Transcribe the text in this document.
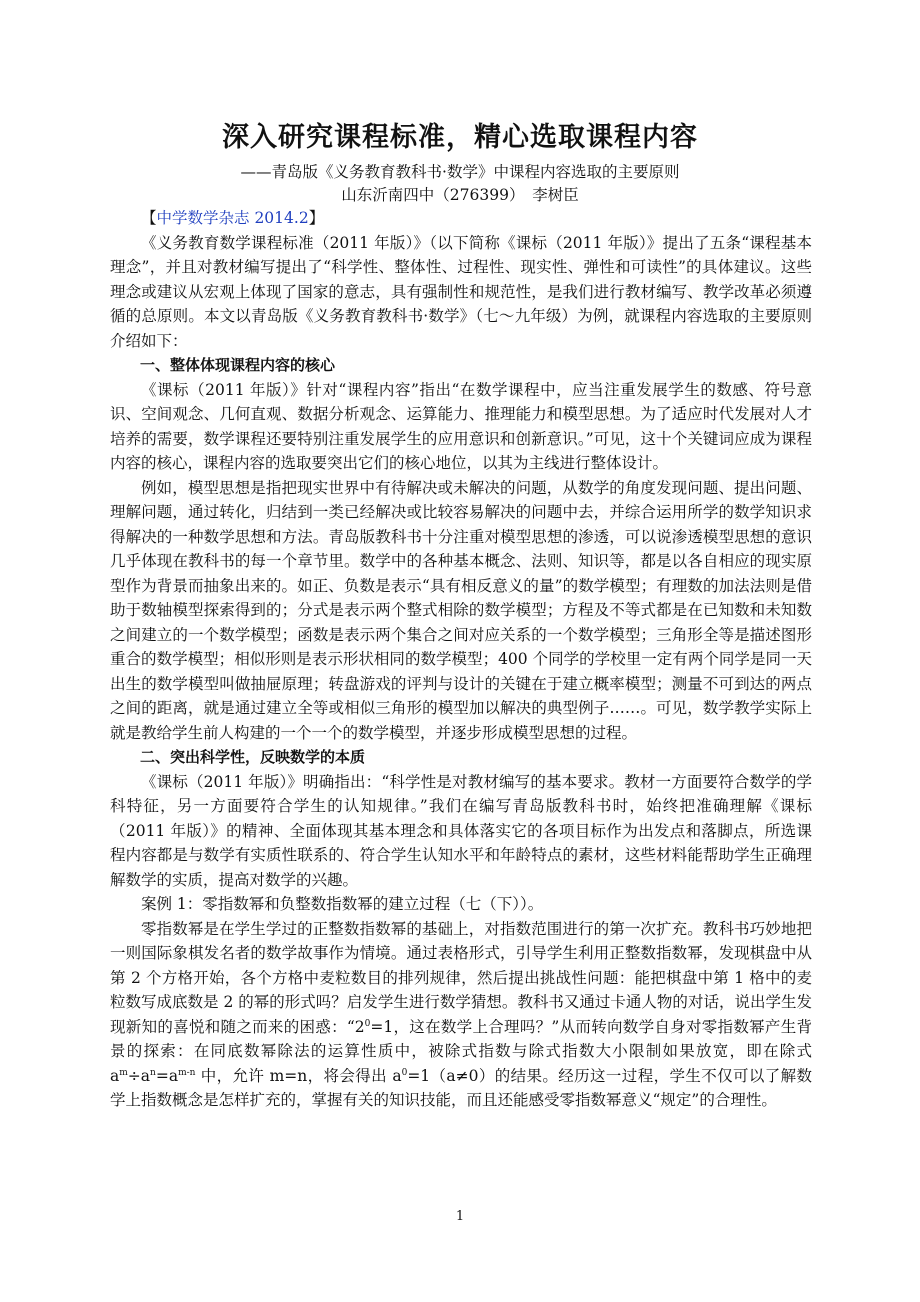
深入研究课程标准，精心选取课程内容
——青岛版《义务教育教科书·数学》中课程内容选取的主要原则
山东沂南四中（276399）　李树臣

【中学数学杂志 2014.2】

《义务教育数学课程标准（2011 年版）》（以下简称《课标（2011 年版）》提出了五条“课程基本理念”，并且对教材编写提出了“科学性、整体性、过程性、现实性、弹性和可读性”的具体建议。这些理念或建议从宏观上体现了国家的意志，具有强制性和规范性，是我们进行教材编写、教学改革必须遵循的总原则。本文以青岛版《义务教育教科书·数学》（七～九年级）为例，就课程内容选取的主要原则介绍如下：

一、整体体现课程内容的核心

《课标（2011 年版）》针对“课程内容”指出“在数学课程中，应当注重发展学生的数感、符号意识、空间观念、几何直观、数据分析观念、运算能力、推理能力和模型思想。为了适应时代发展对人才培养的需要，数学课程还要特别注重发展学生的应用意识和创新意识。”可见，这十个关键词应成为课程内容的核心，课程内容的选取要突出它们的核心地位，以其为主线进行整体设计。

例如，模型思想是指把现实世界中有待解决或未解决的问题，从数学的角度发现问题、提出问题、理解问题，通过转化，归结到一类已经解决或比较容易解决的问题中去，并综合运用所学的数学知识求得解决的一种数学思想和方法。青岛版教科书十分注重对模型思想的渗透，可以说渗透模型思想的意识几乎体现在教科书的每一个章节里。数学中的各种基本概念、法则、知识等，都是以各自相应的现实原型作为背景而抽象出来的。如正、负数是表示“具有相反意义的量”的数学模型；有理数的加法法则是借助于数轴模型探索得到的；分式是表示两个整式相除的数学模型；方程及不等式都是在已知数和未知数之间建立的一个数学模型；函数是表示两个集合之间对应关系的一个数学模型；三角形全等是描述图形重合的数学模型；相似形则是表示形状相同的数学模型；400 个同学的学校里一定有两个同学是同一天出生的数学模型叫做抽屉原理；转盘游戏的评判与设计的关键在于建立概率模型；测量不可到达的两点之间的距离，就是通过建立全等或相似三角形的模型加以解决的典型例子……。可见，数学教学实际上就是教给学生前人构建的一个一个的数学模型，并逐步形成模型思想的过程。

二、突出科学性，反映数学的本质

《课标（2011 年版）》明确指出：“科学性是对教材编写的基本要求。教材一方面要符合数学的学科特征，另一方面要符合学生的认知规律。”我们在编写青岛版教科书时，始终把准确理解《课标（2011 年版）》的精神、全面体现其基本理念和具体落实它的各项目标作为出发点和落脚点，所选课程内容都是与数学有实质性联系的、符合学生认知水平和年龄特点的素材，这些材料能帮助学生正确理解数学的实质，提高对数学的兴趣。

案例 1：零指数幂和负整数指数幂的建立过程（七（下））。

零指数幂是在学生学过的正整数指数幂的基础上，对指数范围进行的第一次扩充。教科书巧妙地把一则国际象棋发名者的数学故事作为情境。通过表格形式，引导学生利用正整数指数幂，发现棋盘中从第 2 个方格开始，各个方格中麦粒数目的排列规律，然后提出挑战性问题：能把棋盘中第 1 格中的麦粒数写成底数是 2 的幂的形式吗？启发学生进行数学猜想。教科书又通过卡通人物的对话，说出学生发现新知的喜悦和随之而来的困惑：“$2^0=1$，这在数学上合理吗？”从而转向数学自身对零指数幂产生背景的探索：在同底数幂除法的运算性质中，被除式指数与除式指数大小限制如果放宽，即在除式 $a^m\div a^n=a^{m-n}$ 中，允许 m=n，将会得出 $a^0=1(a\ne 0)$的结果。经历这一过程，学生不仅可以了解数学上指数概念是怎样扩充的，掌握有关的知识技能，而且还能感受零指数幂意义“规定”的合理性。

1
